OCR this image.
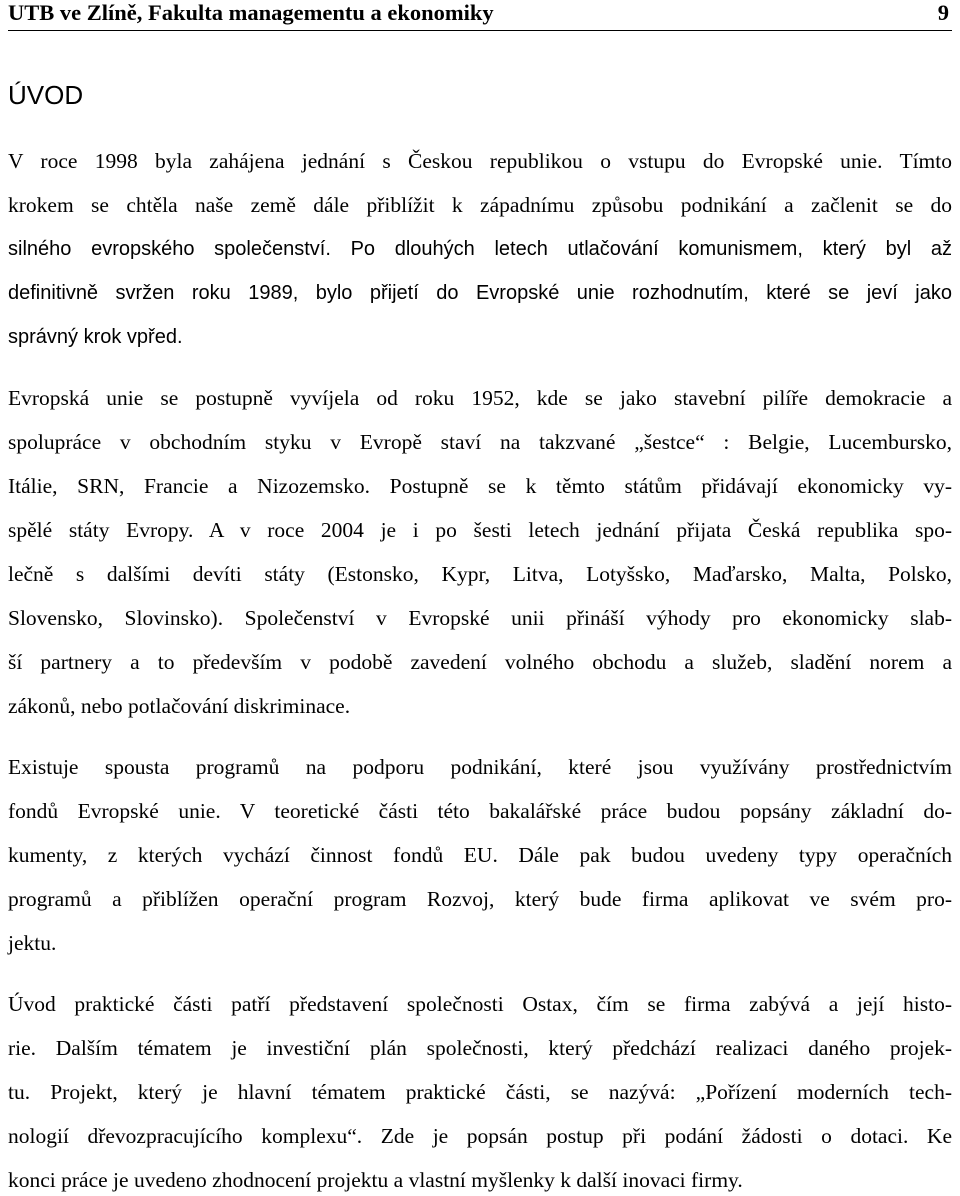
UTB ve Zlíně, Fakulta managementu a ekonomiky	9
ÚVOD
V roce 1998 byla zahájena jednání s Českou republikou o vstupu do Evropské unie. Tímto
krokem se chtěla naše země dále přiblížit k západnímu způsobu podnikání a začlenit se do
silného evropského společenství. Po dlouhých letech utlačování komunismem, který byl až
definitivně svržen roku 1989, bylo přijetí do Evropské unie rozhodnutím, které se jeví jako
správný krok vpřed.
Evropská unie se postupně vyvíjela od roku 1952, kde se jako stavební pilíře demokracie a
spolupráce v obchodním styku v Evropě staví na takzvané „šestce“ : Belgie, Lucembursko,
Itálie, SRN, Francie a Nizozemsko. Postupně se k těmto státům přidávají ekonomicky vy-
spělé státy Evropy. A v roce 2004 je i po šesti letech jednání přijata Česká republika spo-
lečně s dalšími devíti státy (Estonsko, Kypr, Litva, Lotyšsko, Maďarsko, Malta, Polsko,
Slovensko, Slovinsko). Společenství v Evropské unii přináší výhody pro ekonomicky slab-
ší partnery a to především v podobě zavedení volného obchodu a služeb, sladění norem a
zákonů, nebo potlačování diskriminace.
Existuje spousta programů na podporu podnikání, které jsou využívány prostřednictvím
fondů Evropské unie. V teoretické části této bakalářské práce budou popsány základní do-
kumenty, z kterých vychází činnost fondů EU. Dále pak budou uvedeny typy operačních
programů a přiblížen operační program Rozvoj, který bude firma aplikovat ve svém pro-
jektu.
Úvod praktické části patří představení společnosti Ostax, čím se firma zabývá a její histo-
rie. Dalším tématem je investiční plán společnosti, který předchází realizaci daného projek-
tu. Projekt, který je hlavní tématem praktické části, se nazývá: „Pořízení moderních tech-
nologií dřevozpracujícího komplexu“. Zde je popsán postup při podání žádosti o dotaci. Ke
konci práce je uvedeno zhodnocení projektu a vlastní myšlenky k další inovaci firmy.
